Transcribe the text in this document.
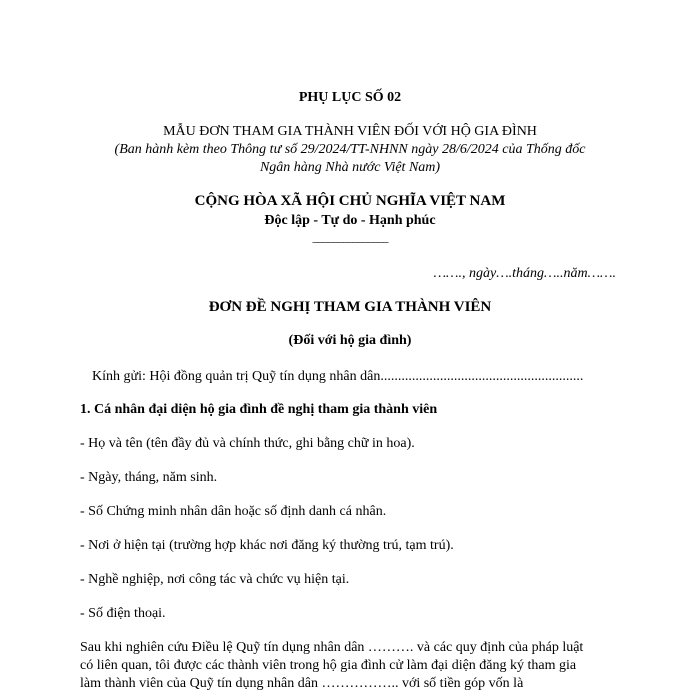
PHỤ LỤC SỐ 02
MẪU ĐƠN THAM GIA THÀNH VIÊN ĐỐI VỚI HỘ GIA ĐÌNH
(Ban hành kèm theo Thông tư số 29/2024/TT-NHNN ngày 28/6/2024 của Thống đốc
Ngân hàng Nhà nước Việt Nam)
CỘNG HÒA XÃ HỘI CHỦ NGHĨA VIỆT NAM
Độc lập - Tự do - Hạnh phúc
_______________
……., ngày….tháng…..năm…….
ĐƠN ĐỀ NGHỊ THAM GIA THÀNH VIÊN
(Đối với hộ gia đình)
Kính gửi: Hội đồng quản trị Quỹ tín dụng nhân dân..........................................................
1. Cá nhân đại diện hộ gia đình đề nghị tham gia thành viên
- Họ và tên (tên đầy đủ và chính thức, ghi bằng chữ in hoa).
- Ngày, tháng, năm sinh.
- Số Chứng minh nhân dân hoặc số định danh cá nhân.
- Nơi ở hiện tại (trường hợp khác nơi đăng ký thường trú, tạm trú).
- Nghề nghiệp, nơi công tác và chức vụ hiện tại.
- Số điện thoại.
Sau khi nghiên cứu Điều lệ Quỹ tín dụng nhân dân ………. và các quy định của pháp luật
có liên quan, tôi được các thành viên trong hộ gia đình cử làm đại diện đăng ký tham gia
làm thành viên của Quỹ tín dụng nhân dân …………….. với số tiền góp vốn là
